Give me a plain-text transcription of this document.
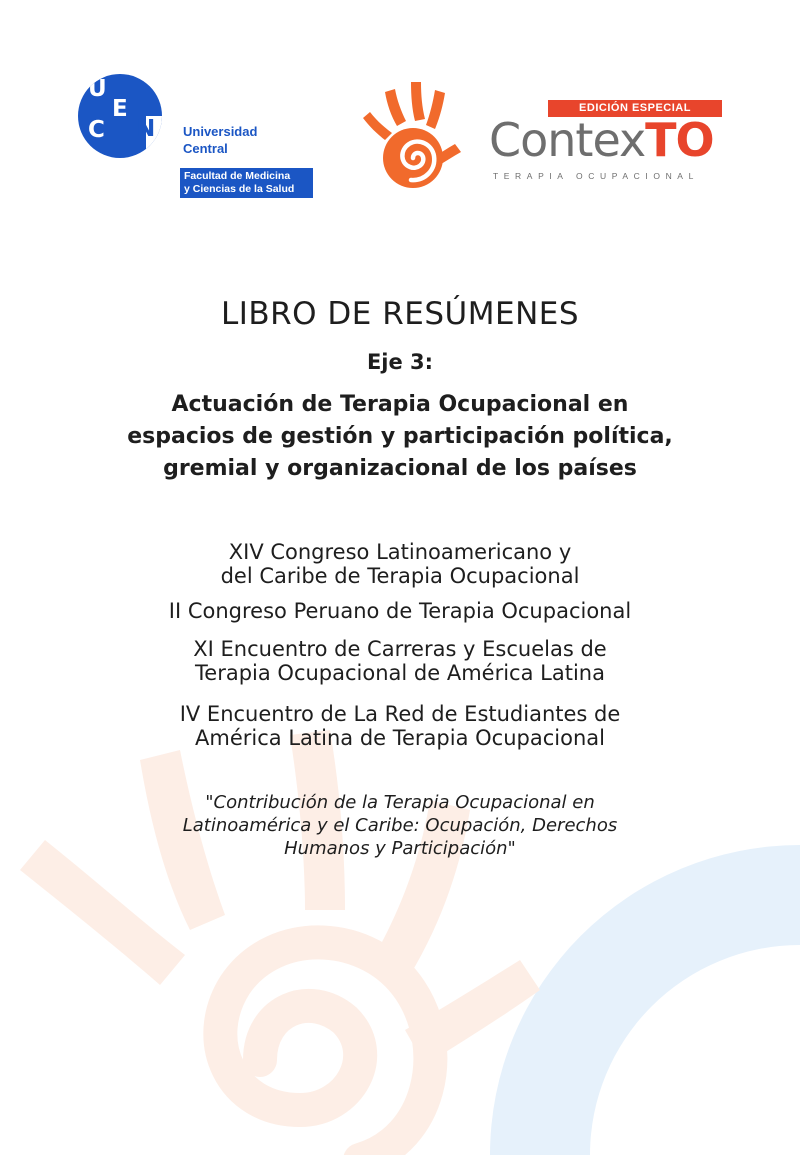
U
E
C N Universidad
Central
Facultad de Medicina
y Ciencias de la Salud
EDICIÓN ESPECIAL
ContexTO
TERAPIA OCUPACIONAL
LIBRO DE RESÚMENES
Eje 3:
Actuación de Terapia Ocupacional en
espacios de gestión y participación política,
gremial y organizacional de los países
XIV Congreso Latinoamericano y
del Caribe de Terapia Ocupacional
II Congreso Peruano de Terapia Ocupacional
XI Encuentro de Carreras y Escuelas de
Terapia Ocupacional de América Latina
IV Encuentro de La Red de Estudiantes de
América Latina de Terapia Ocupacional
"Contribución de la Terapia Ocupacional en
Latinoamérica y el Caribe: Ocupación, Derechos
Humanos y Participación"
